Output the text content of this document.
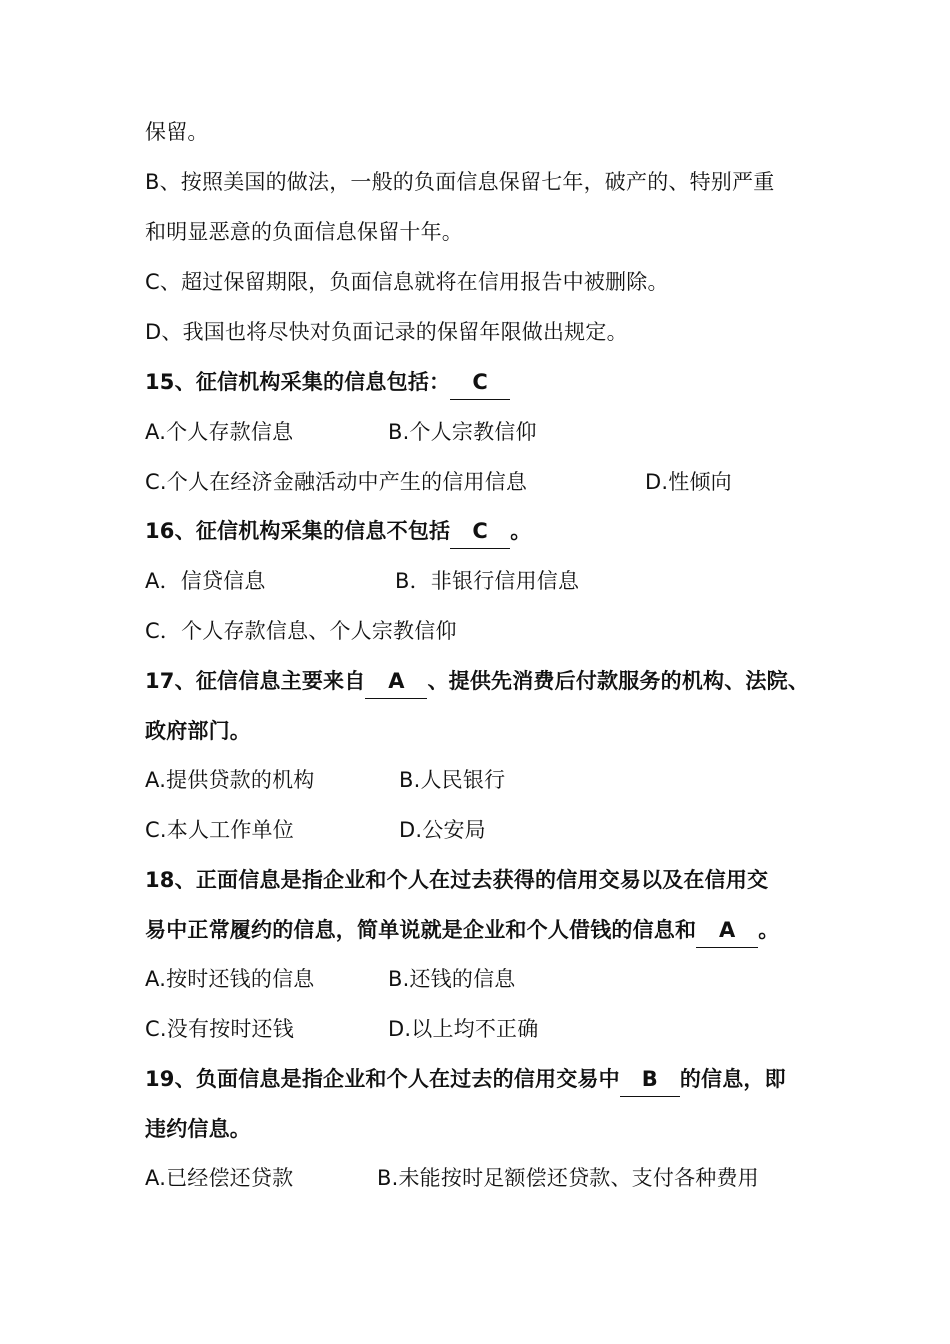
保留。
B、按照美国的做法，一般的负面信息保留七年，破产的、特别严重
和明显恶意的负面信息保留十年。
C、超过保留期限，负面信息就将在信用报告中被删除。
D、我国也将尽快对负面记录的保留年限做出规定。
15、征信机构采集的信息包括： C
A.个人存款信息	B.个人宗教信仰
C.个人在经济金融活动中产生的信用信息	D.性倾向
16、征信机构采集的信息不包括 C 。
A．信贷信息	B．非银行信用信息
C．个人存款信息、个人宗教信仰
17、征信信息主要来自 A 、提供先消费后付款服务的机构、法院、
政府部门。
A.提供贷款的机构	B.人民银行
C.本人工作单位	D.公安局
18、正面信息是指企业和个人在过去获得的信用交易以及在信用交
易中正常履约的信息，简单说就是企业和个人借钱的信息和 A 。
A.按时还钱的信息	B.还钱的信息
C.没有按时还钱	D.以上均不正确
19、负面信息是指企业和个人在过去的信用交易中 B 的信息，即
违约信息。
A.已经偿还贷款	B.未能按时足额偿还贷款、支付各种费用
